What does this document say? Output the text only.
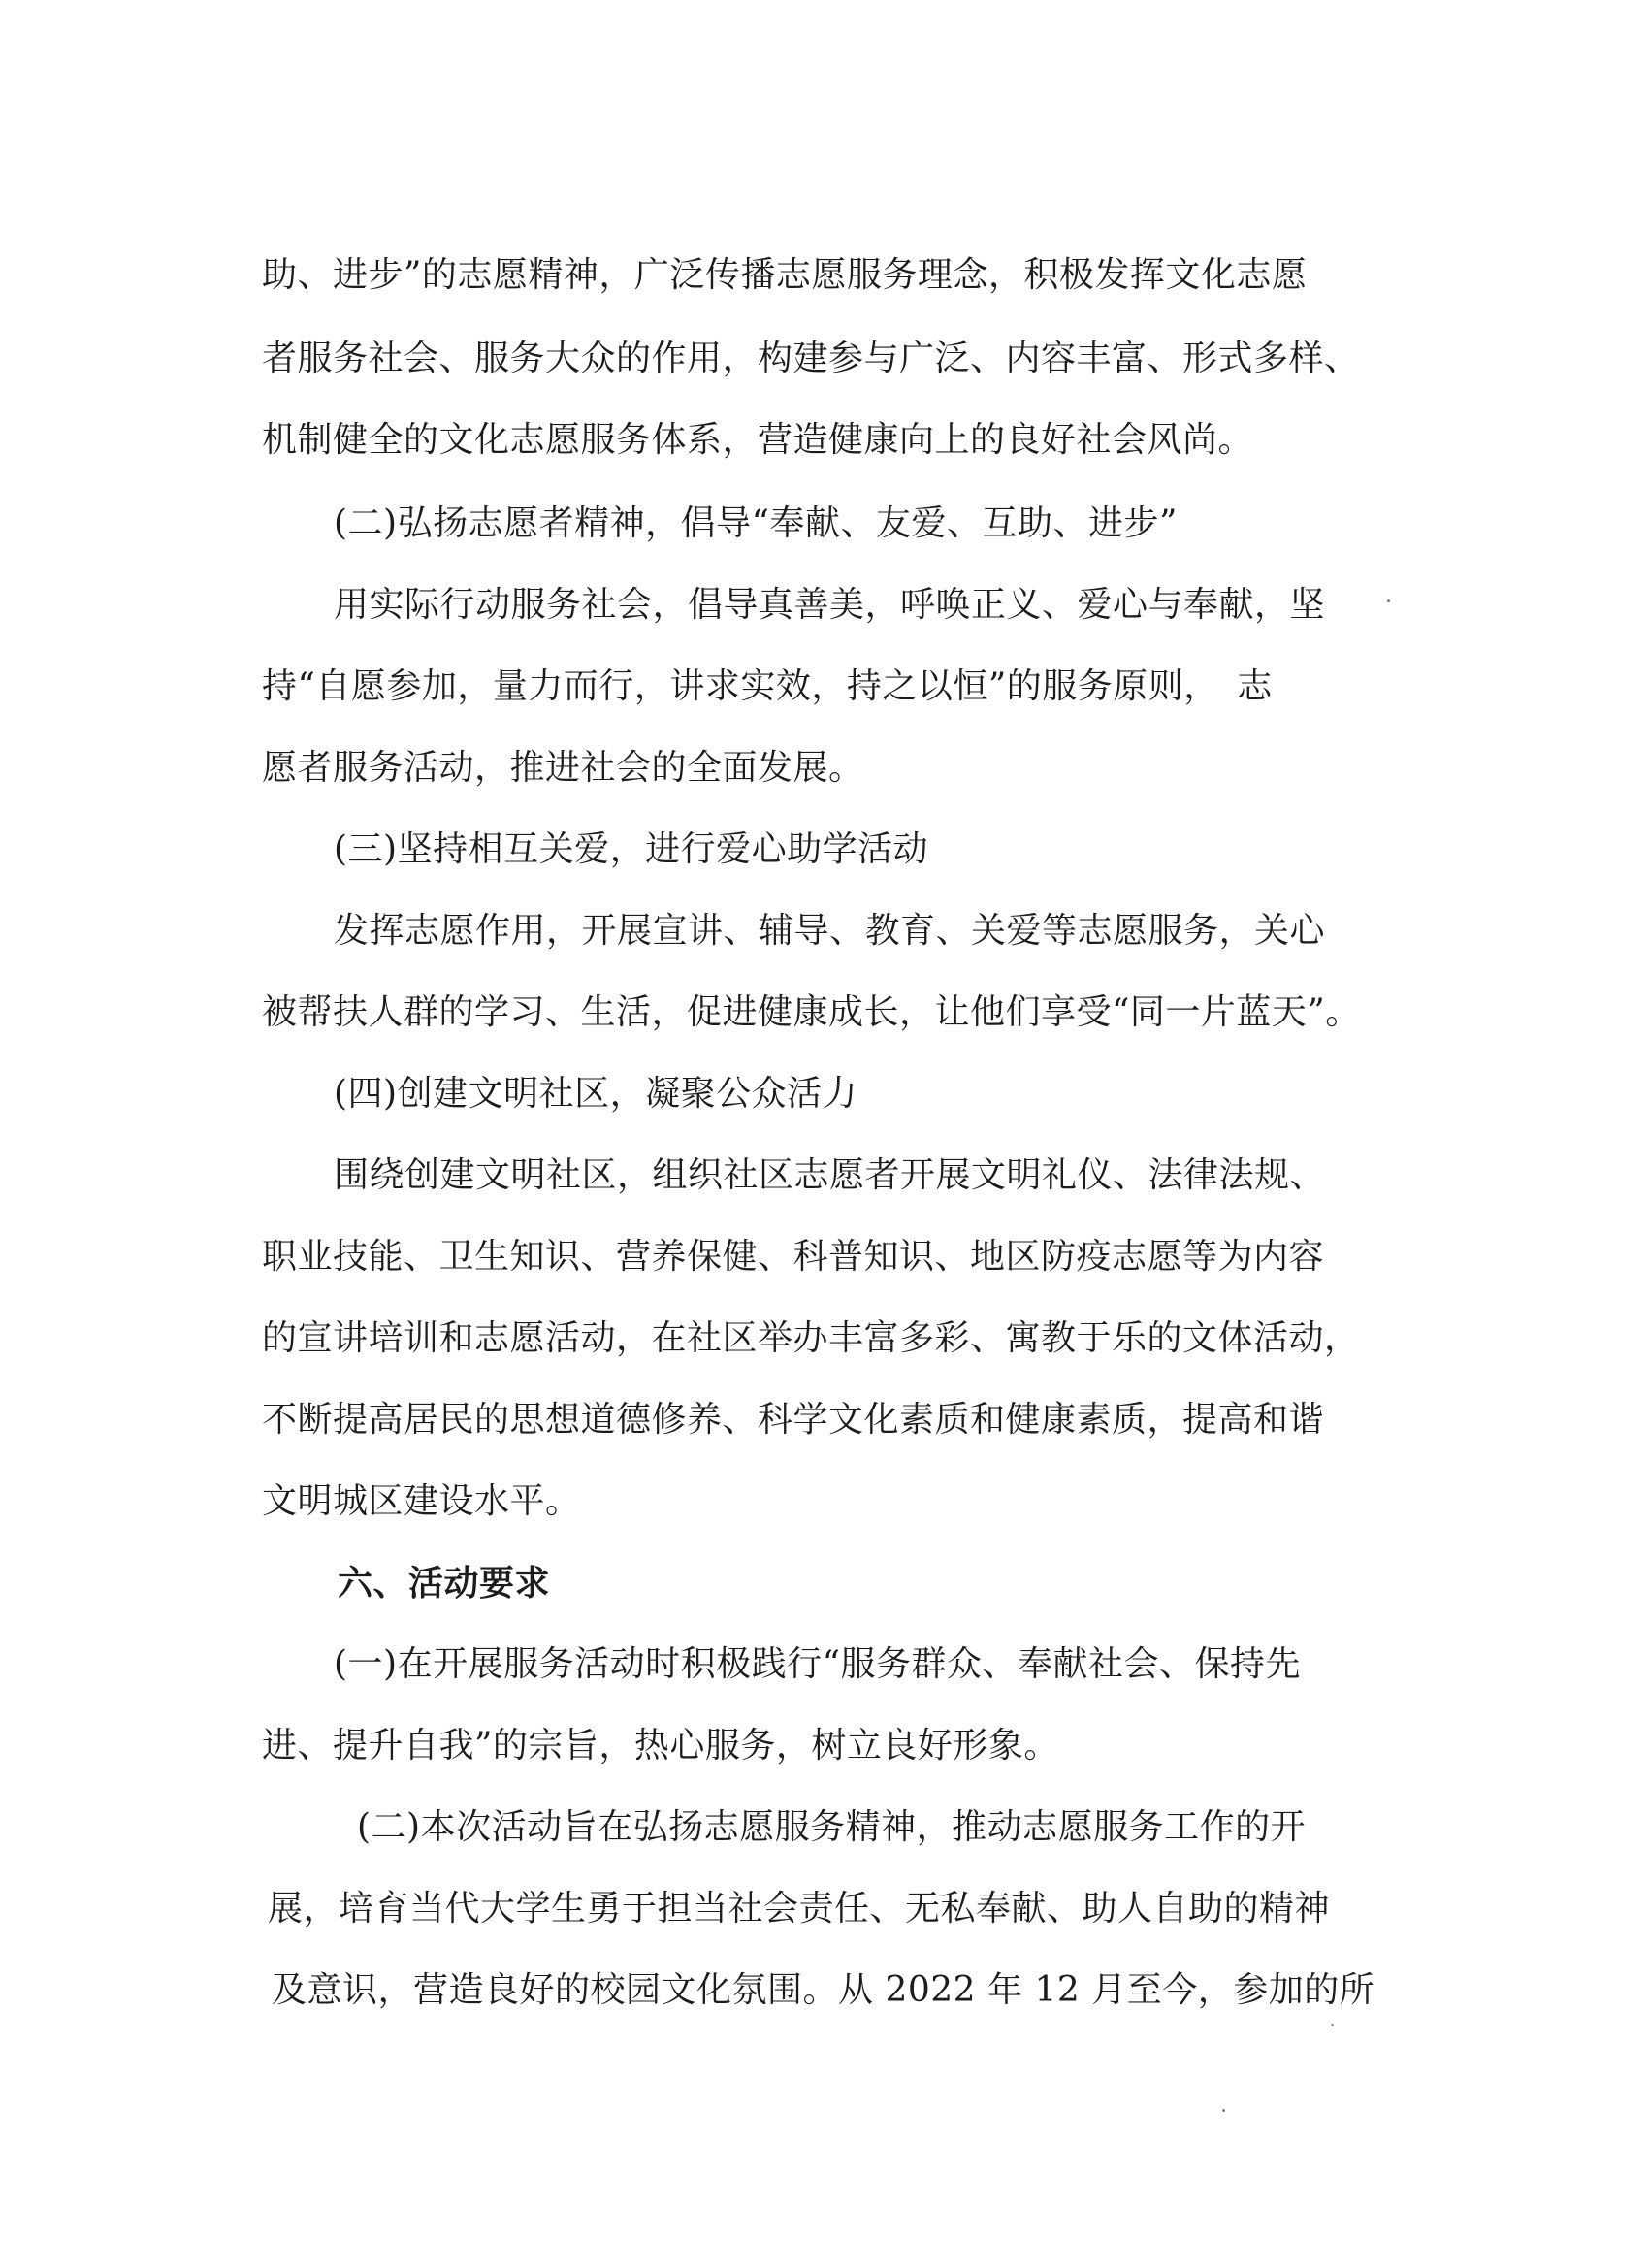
助、进步”的志愿精神，广泛传播志愿服务理念，积极发挥文化志愿
者服务社会、服务大众的作用，构建参与广泛、内容丰富、形式多样、
机制健全的文化志愿服务体系，营造健康向上的良好社会风尚。
(二)弘扬志愿者精神，倡导“奉献、友爱、互助、进步”
用实际行动服务社会，倡导真善美，呼唤正义、爱心与奉献，坚
持“自愿参加，量力而行，讲求实效，持之以恒”的服务原则，　志
愿者服务活动，推进社会的全面发展。
(三)坚持相互关爱，进行爱心助学活动
发挥志愿作用，开展宣讲、辅导、教育、关爱等志愿服务，关心
被帮扶人群的学习、生活，促进健康成长，让他们享受“同一片蓝天”。
(四)创建文明社区，凝聚公众活力
围绕创建文明社区，组织社区志愿者开展文明礼仪、法律法规、
职业技能、卫生知识、营养保健、科普知识、地区防疫志愿等为内容
的宣讲培训和志愿活动，在社区举办丰富多彩、寓教于乐的文体活动，
不断提高居民的思想道德修养、科学文化素质和健康素质，提高和谐
文明城区建设水平。
六、活动要求
(一)在开展服务活动时积极践行“服务群众、奉献社会、保持先
进、提升自我”的宗旨，热心服务，树立良好形象。
(二)本次活动旨在弘扬志愿服务精神，推动志愿服务工作的开
展，培育当代大学生勇于担当社会责任、无私奉献、助人自助的精神
及意识，营造良好的校园文化氛围。从 2022 年 12 月至今，参加的所
